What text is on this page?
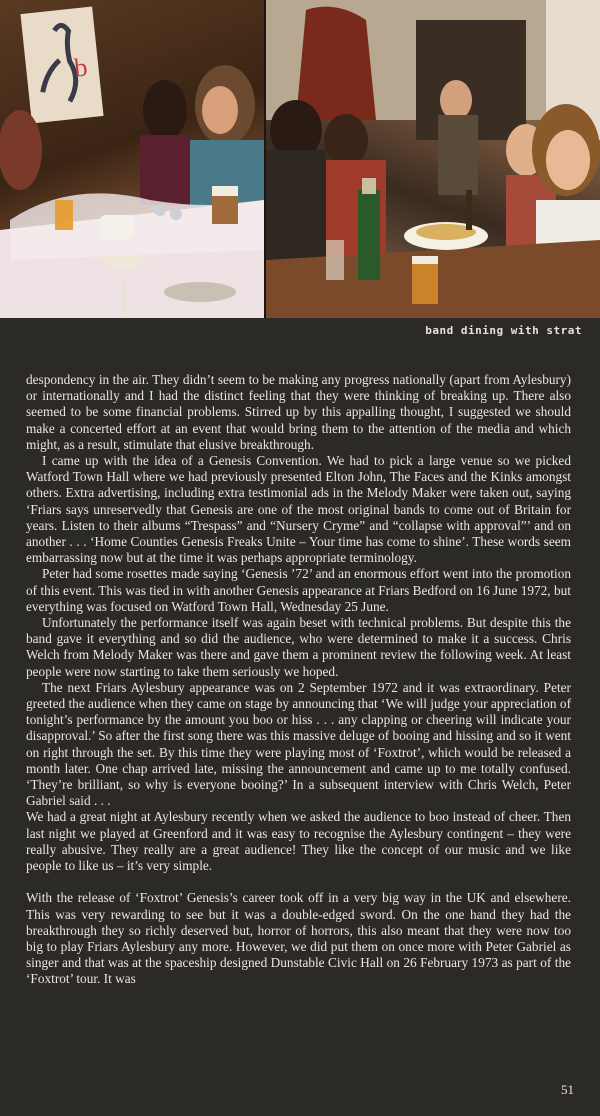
b
band dining with strat

despondency in the air. They didn’t seem to be making any progress nationally (apart from Aylesbury) or internationally and I had the distinct feeling that they were thinking of breaking up. There also seemed to be some financial problems. Stirred up by this appalling thought, I suggested we should make a concerted effort at an event that would bring them to the attention of the media and which might, as a result, stimulate that elusive breakthrough.

I came up with the idea of a Genesis Convention. We had to pick a large venue so we picked Watford Town Hall where we had previously presented Elton John, The Faces and the Kinks amongst others. Extra advertising, including extra testimonial ads in the Melody Maker were taken out, saying ‘Friars says unreservedly that Genesis are one of the most original bands to come out of Britain for years. Listen to their albums “Trespass” and “Nursery Cryme” and “collapse with approval”’ and on another . . . ‘Home Counties Genesis Freaks Unite – Your time has come to shine’. These words seem embarrassing now but at the time it was perhaps appropriate terminology.

Peter had some rosettes made saying ‘Genesis ’72’ and an enormous effort went into the promotion of this event. This was tied in with another Genesis appearance at Friars Bedford on 16 June 1972, but everything was focused on Watford Town Hall, Wednesday 25 June.

Unfortunately the performance itself was again beset with technical problems. But despite this the band gave it everything and so did the audience, who were determined to make it a success. Chris Welch from Melody Maker was there and gave them a prominent review the following week. At least people were now starting to take them seriously we hoped.

The next Friars Aylesbury appearance was on 2 September 1972 and it was extraordinary. Peter greeted the audience when they came on stage by announcing that ‘We will judge your appreciation of tonight’s performance by the amount you boo or hiss . . . any clapping or cheering will indicate your disapproval.’ So after the first song there was this massive deluge of booing and hissing and so it went on right through the set. By this time they were playing most of ‘Foxtrot’, which would be released a month later. One chap arrived late, missing the announcement and came up to me totally confused. ‘They’re brilliant, so why is everyone booing?’ In a subsequent interview with Chris Welch, Peter Gabriel said . . .

We had a great night at Aylesbury recently when we asked the audience to boo instead of cheer. Then last night we played at Greenford and it was easy to recognise the Aylesbury contingent – they were really abusive. They really are a great audience! They like the concept of our music and we like people to like us – it’s very simple.

With the release of ‘Foxtrot’ Genesis’s career took off in a very big way in the UK and elsewhere. This was very rewarding to see but it was a double-edged sword. On the one hand they had the breakthrough they so richly deserved but, horror of horrors, this also meant that they were now too big to play Friars Aylesbury any more. However, we did put them on once more with Peter Gabriel as singer and that was at the spaceship designed Dunstable Civic Hall on 26 February 1973 as part of the ‘Foxtrot’ tour. It was

51
